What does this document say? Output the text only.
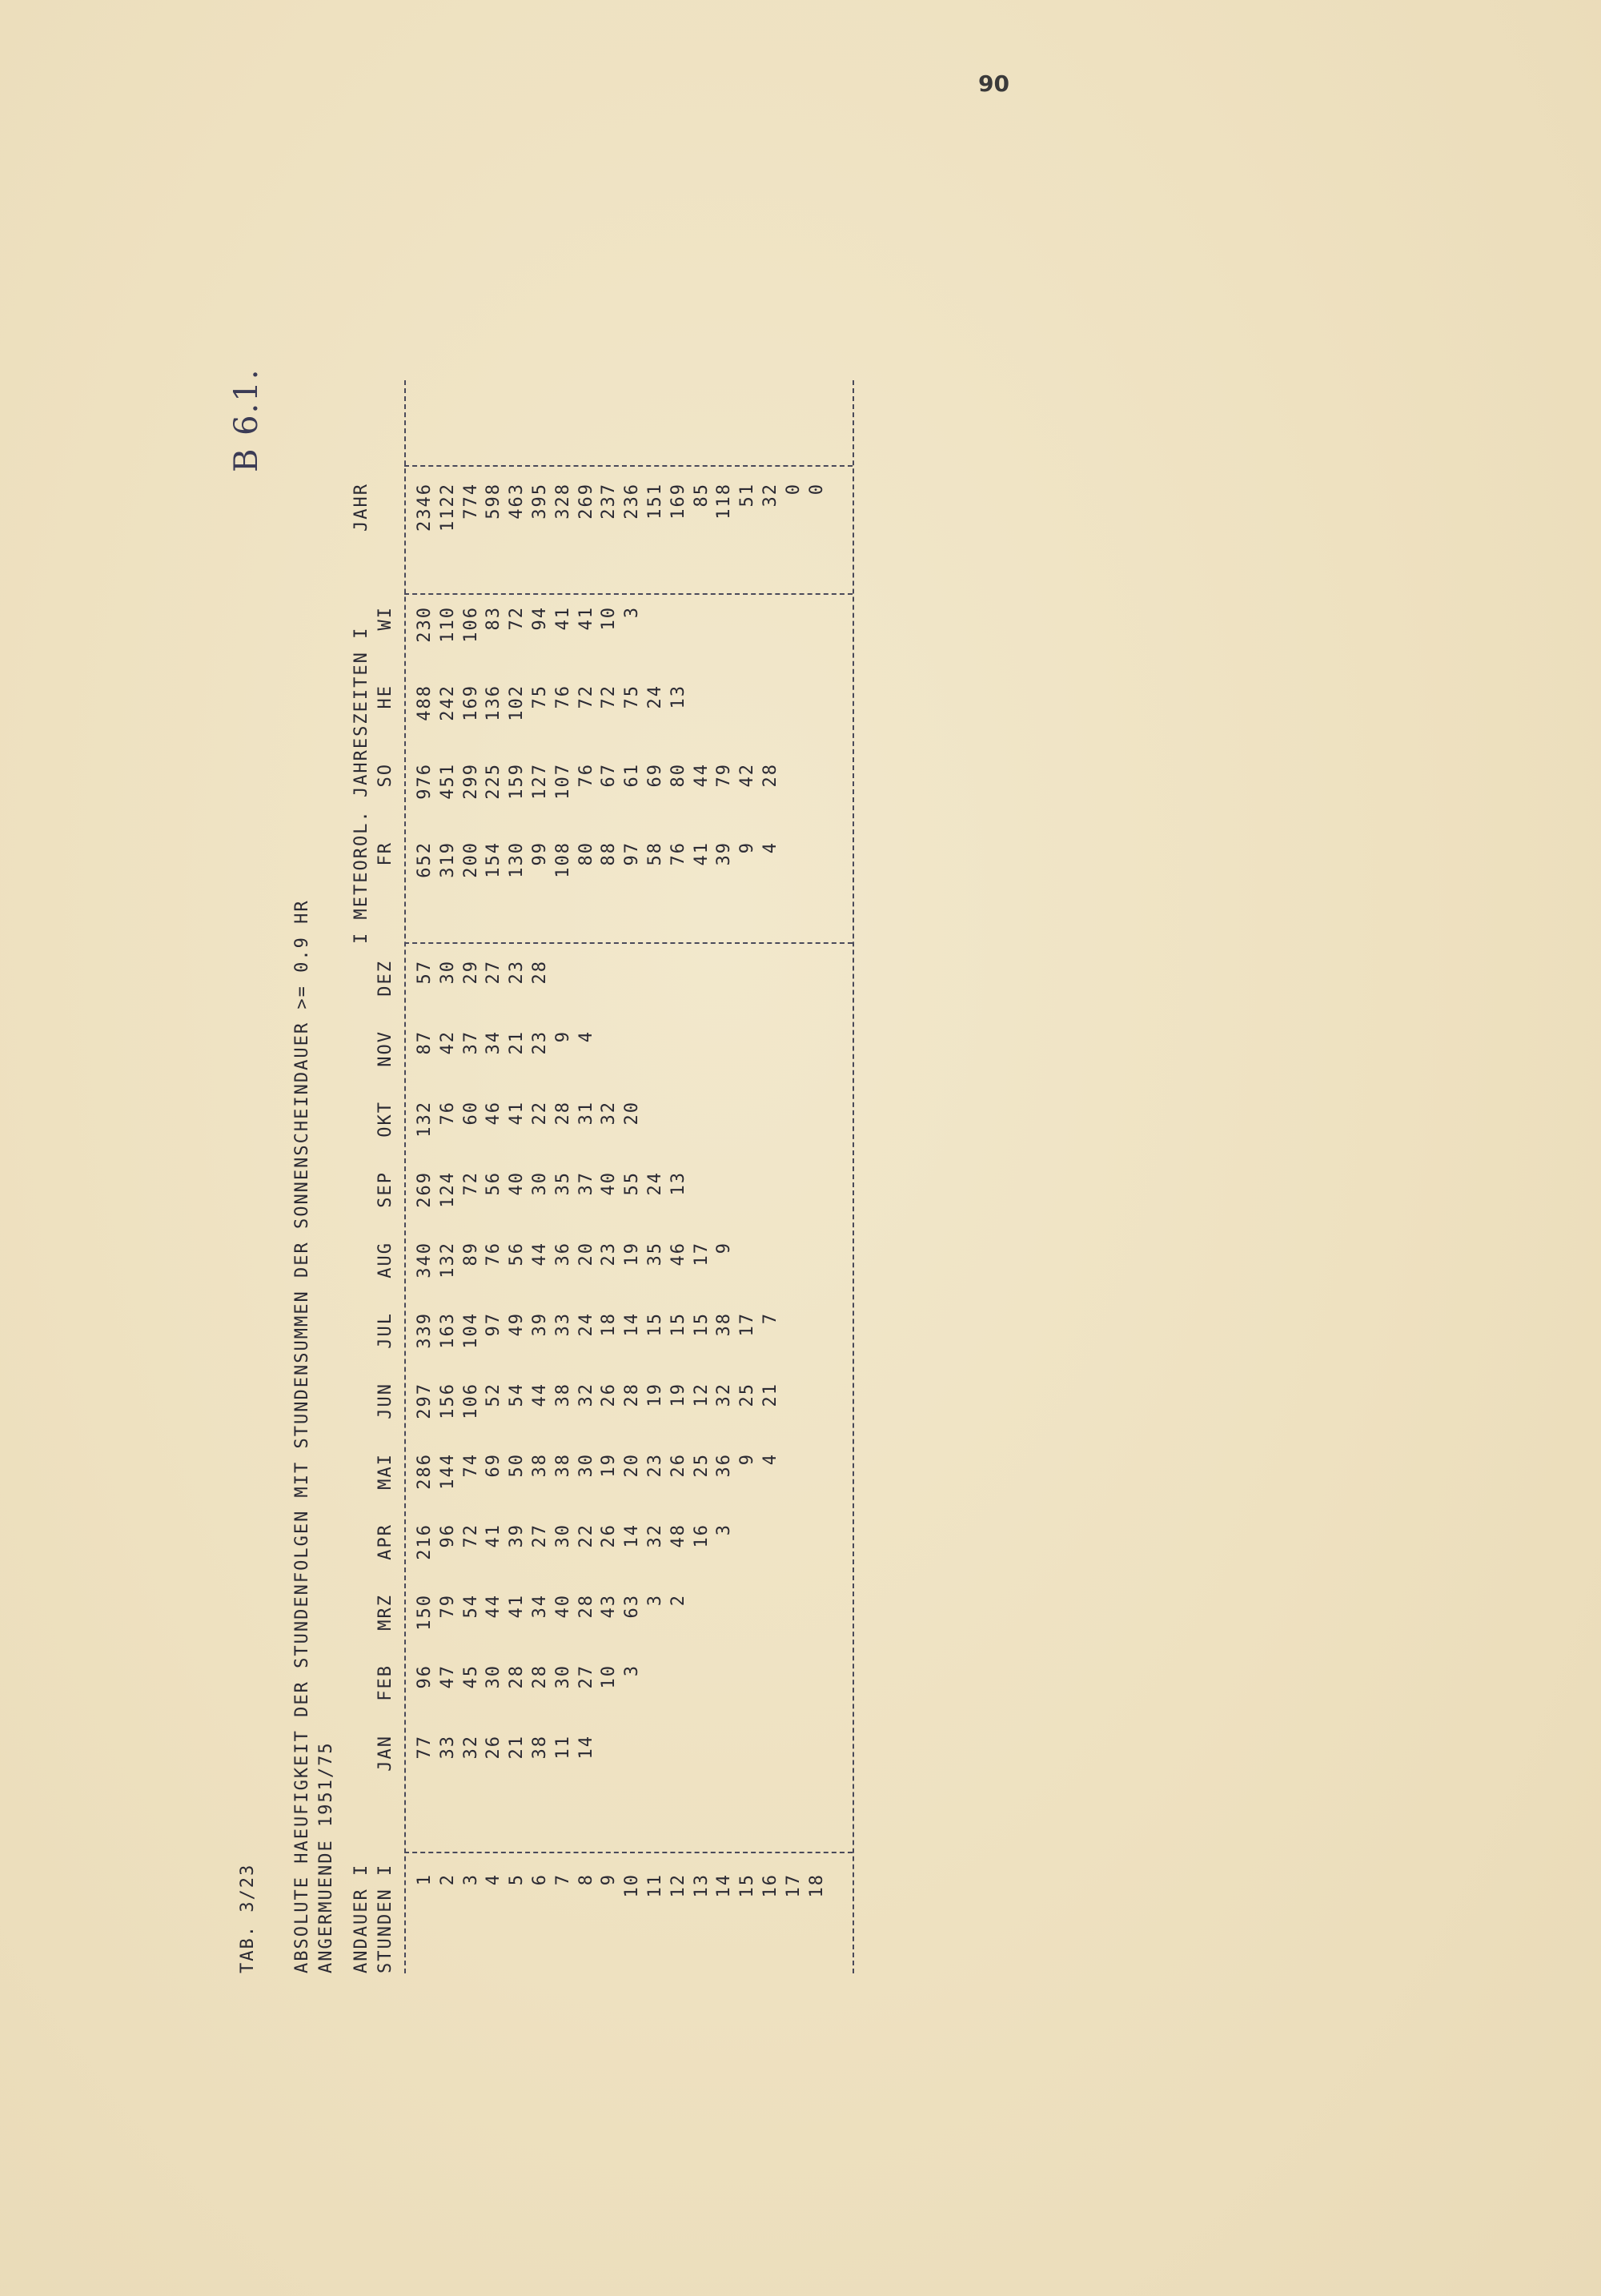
90
B 6.1.
TAB. 3/23	ABSOLUTE HAEUFIGKEIT DER STUNDENFOLGEN MIT STUNDENSUMMEN DER SONNENSCHEINDAUER >= 0.9 HR ANGERMUENDE 1951/75 ANDAUER I STUNDEN I
JAN
FEB
MRZ
APR
MAI
JUN
JUL
AUG
SEP
OKT
NOV
DEZ
I METEOROL. JAHRESZEITEN I FR
SO
HE
WI
JAHR
1
77
96
150
216
286
297
339
340
269
132
87
57
652
976
488
230
2346
2
33
47
79
96
144
156
163
132
124
76
42
30
319
451
242
110
1122
3
32
45
54
72
74
106
104
89
72
60
37
29
200
299
169
106
774
4
26
30
44
41
69
52
97
76
56
46
34
27
154
225
136
83
598
5
21
28
41
39
50
54
49
56
40
41
21
23
130
159
102
72
463
6
38
28
34
27
38
44
39
44
30
22
23
28
99
127
75
94
395
7
11
30
40
30
38
38
33
36
35
28
9
108
107
76
41
328
8
14
27
28
22
30
32
24
20
37
31
4
80
76
72
41
269
9
10
43
26
19
26
18
23
40
32
88
67
72
10
237
10
3
63
14
20
28
14
19
55
20
97
61
75
3
236
11
3
32
23
19
15
35
24
58
69
24
151
12
2
48
26
19
15
46
13
76
80
13
169
13
16
25
12
15
17
41
44
85
14
3
36
32
38
9
39
79
118
15
9
25
17
9
42
51
16
4
21
7
4
28
32
17
0
18
0
